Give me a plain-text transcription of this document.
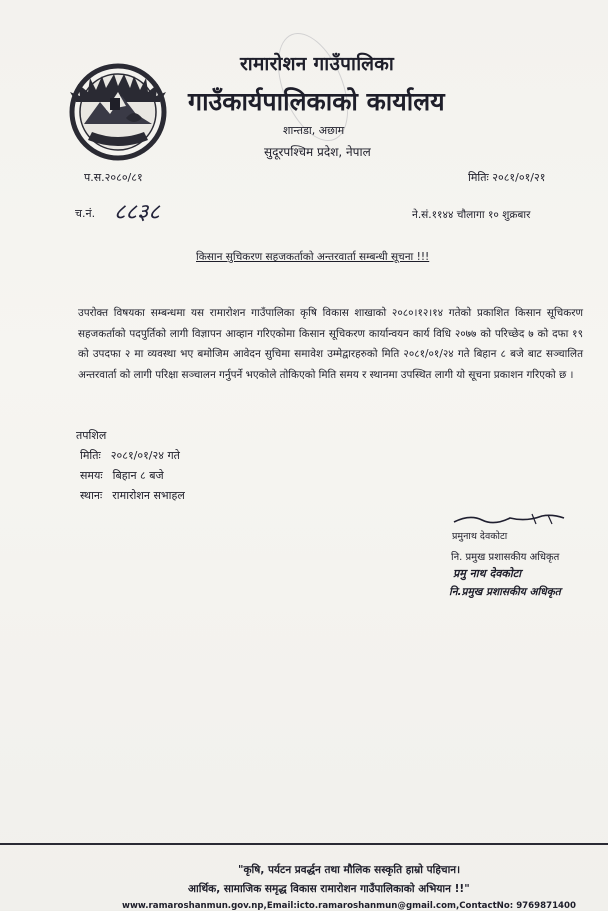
रामारोशन गाउँपालिका
गाउँकार्यपालिकाको कार्यालय
शान्तडा, अछाम
सुदूरपश्चिम प्रदेश, नेपाल
प.स.२०८०/८१	मितिः २०८१/०१/२१
च.नं. ८८३८	ने.सं.११४४ चौलागा १० शुक्रबार
किसान सुचिकरण सहजकर्ताको अन्तरवार्ता सम्बन्धी सूचना !!!
उपरोक्त विषयका सम्बन्धमा यस रामारोशन गाउँपालिका कृषि विकास शाखाको २०८०।१२।१४ गतेको प्रकाशित किसान सूचिकरण सहजकर्ताको पदपुर्तिको लागी विज्ञापन आव्हान गरिएकोमा किसान सूचिकरण कार्यान्वयन कार्य विधि २०७७ को परिच्छेद ७ को दफा १९ को उपदफा २ मा व्यवस्था भए बमोजिम आवेदन सुचिमा समावेश उम्मेद्वारहरुको मिति २०८१/०१/२४ गते बिहान ८ बजे बाट सञ्चालित अन्तरवार्ता को लागी परिक्षा सञ्चालन गर्नुपर्ने भएकोले तोकिएको मिति समय र स्थानमा उपस्थित लागी यो सूचना प्रकाशन गरिएको छ ।
तपशिल
मितिः २०८१/०१/२४ गते
समयः बिहान ८ बजे
स्थानः रामारोशन सभाहल
प्रमुनाथ देवकोटा
नि. प्रमुख प्रशासकीय अधिकृत
प्रमु नाथ देवकोटा
नि.प्रमुख प्रशासकीय अधिकृत
"कृषि, पर्यटन प्रवर्द्धन तथा मौलिक सस्कृति हाम्रो पहिचान।
आर्थिक, सामाजिक समृद्ध विकास रामारोशन गाउँपालिकाको अभियान !!"
www.ramaroshanmun.gov.np,Email:icto.ramaroshanmun@gmail.com,ContactNo: 9769871400
